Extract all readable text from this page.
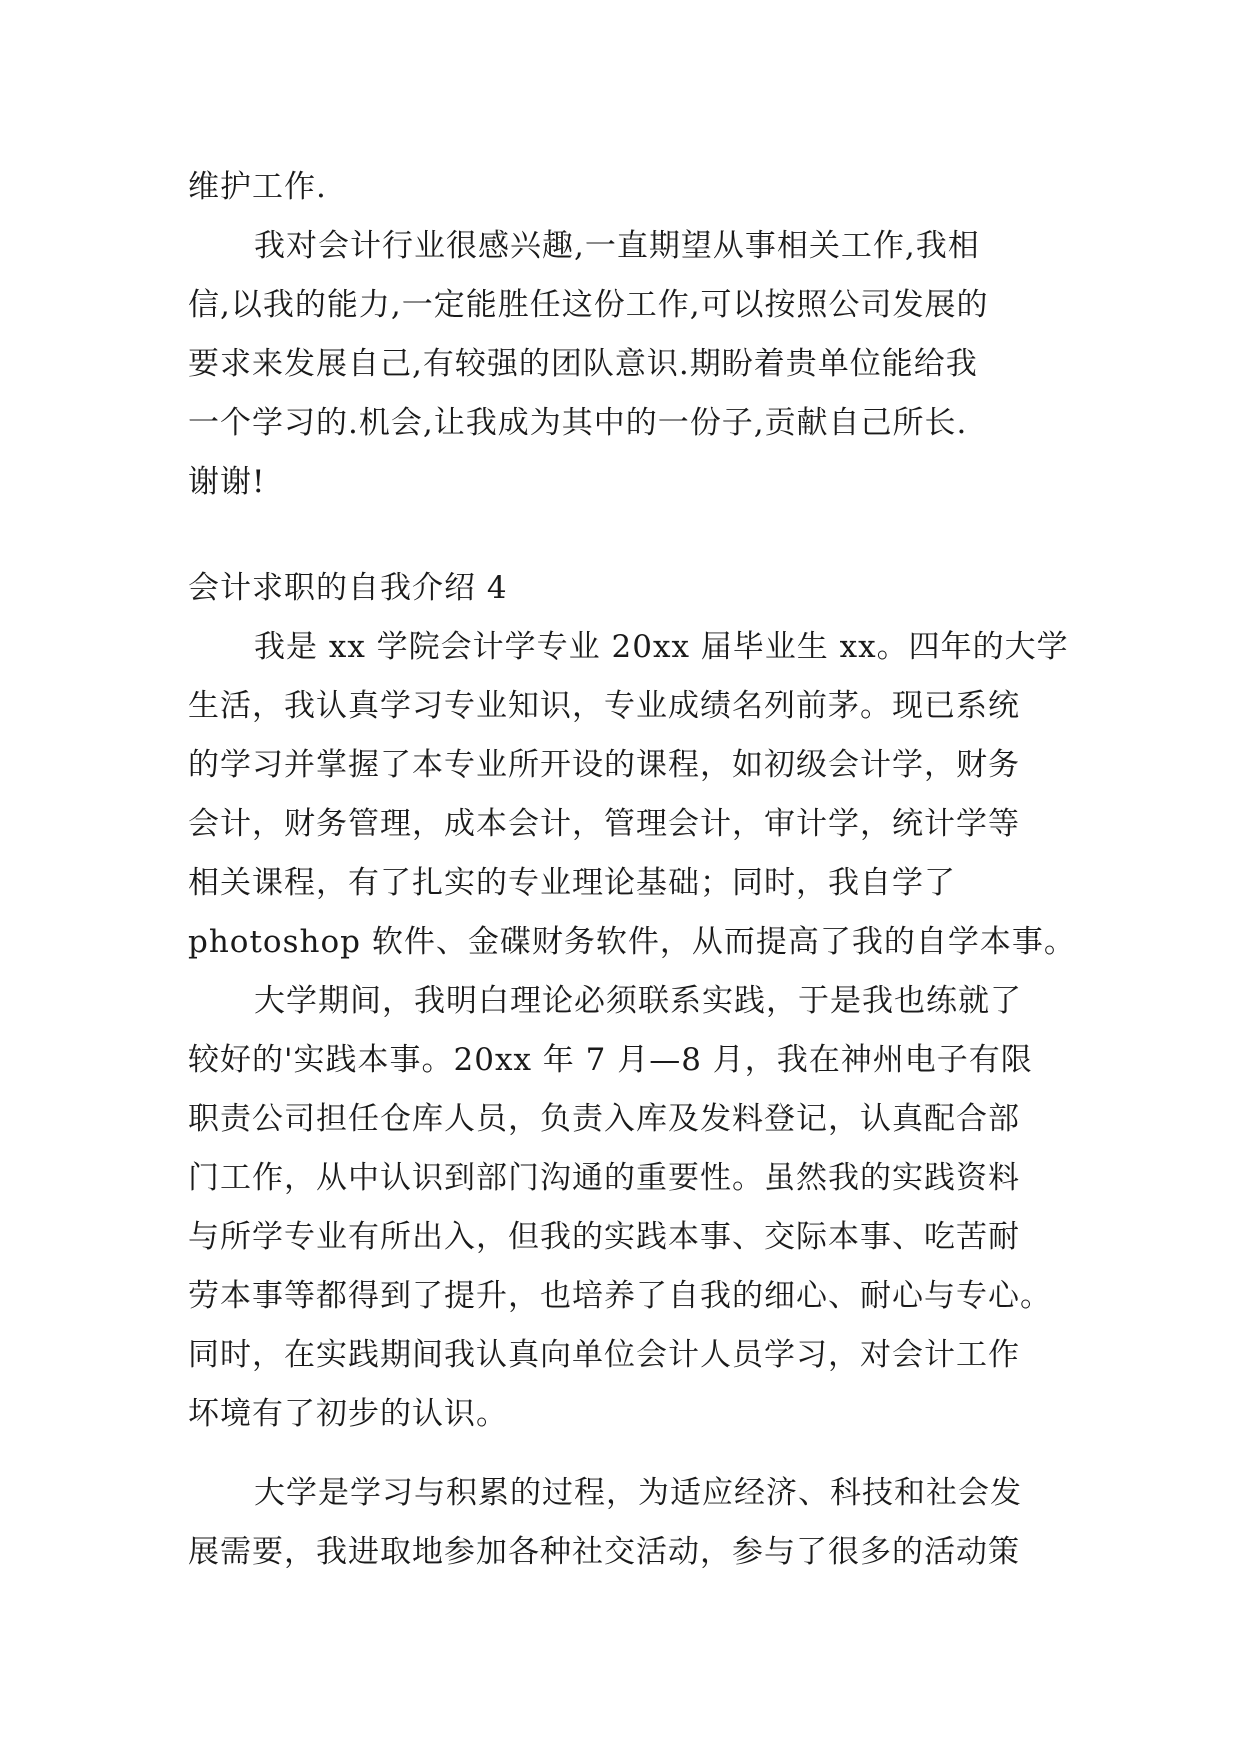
维护工作.
我对会计行业很感兴趣,一直期望从事相关工作,我相
信,以我的能力,一定能胜任这份工作,可以按照公司发展的
要求来发展自己,有较强的团队意识.期盼着贵单位能给我
一个学习的.机会,让我成为其中的一份子,贡献自己所长.
谢谢!
会计求职的自我介绍 4
我是 xx 学院会计学专业 20xx 届毕业生 xx。四年的大学
生活，我认真学习专业知识，专业成绩名列前茅。现已系统
的学习并掌握了本专业所开设的课程，如初级会计学，财务
会计，财务管理，成本会计，管理会计，审计学，统计学等
相关课程，有了扎实的专业理论基础；同时，我自学了
photoshop 软件、金碟财务软件，从而提高了我的自学本事。
大学期间，我明白理论必须联系实践，于是我也练就了
较好的'实践本事。20xx 年 7 月—8 月，我在神州电子有限
职责公司担任仓库人员，负责入库及发料登记，认真配合部
门工作，从中认识到部门沟通的重要性。虽然我的实践资料
与所学专业有所出入，但我的实践本事、交际本事、吃苦耐
劳本事等都得到了提升，也培养了自我的细心、耐心与专心。
同时，在实践期间我认真向单位会计人员学习，对会计工作
坏境有了初步的认识。
大学是学习与积累的过程，为适应经济、科技和社会发
展需要，我进取地参加各种社交活动，参与了很多的活动策
